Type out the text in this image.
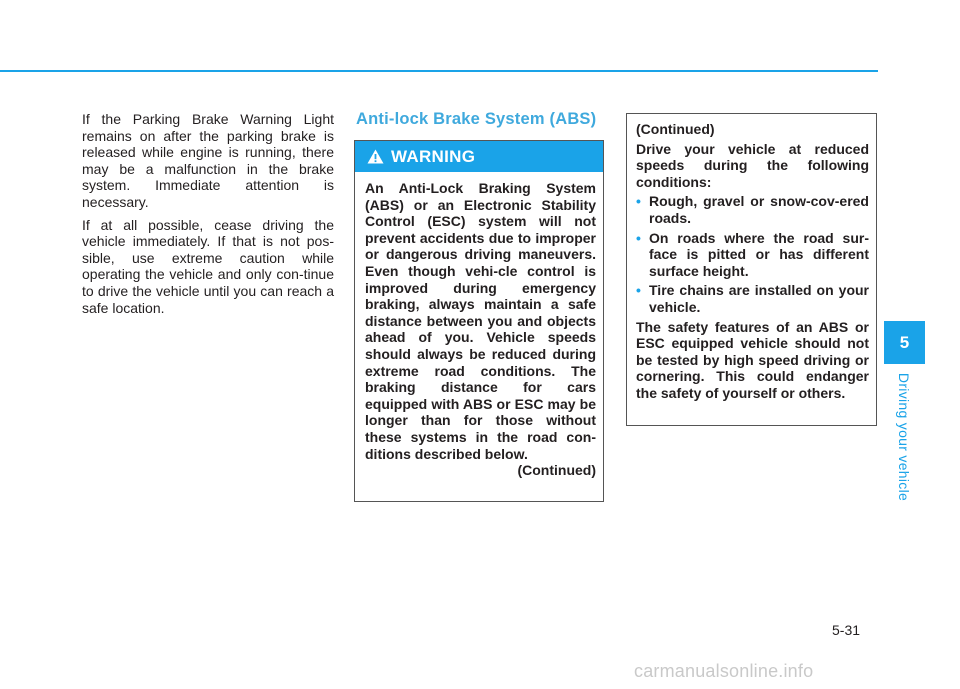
If the Parking Brake Warning Light remains on after the parking brake is released while engine is running, there may be a malfunction in the brake system. Immediate attention is necessary.

If at all possible, cease driving the vehicle immediately. If that is not pos-sible, use extreme caution while operating the vehicle and only con-tinue to drive the vehicle until you can reach a safe location.

Anti-lock Brake System (ABS)
WARNING

An Anti-Lock Braking System (ABS) or an Electronic Stability Control (ESC) system will not prevent accidents due to improper or dangerous driving maneuvers. Even though vehi-cle control is improved during emergency braking, always maintain a safe distance between you and objects ahead of you. Vehicle speeds should always be reduced during extreme road conditions. The braking distance for cars equipped with ABS or ESC may be longer than for those without these systems in the road con-ditions described below.

(Continued)

(Continued)

Drive your vehicle at reduced speeds during the following conditions:

• Rough, gravel or snow-cov-ered roads.
• On roads where the road sur-face is pitted or has different surface height.
• Tire chains are installed on your vehicle.

The safety features of an ABS or ESC equipped vehicle should not be tested by high speed driving or cornering. This could endanger the safety of yourself or others.

5
Driving your vehicle
5-31
carmanualsonline.info
